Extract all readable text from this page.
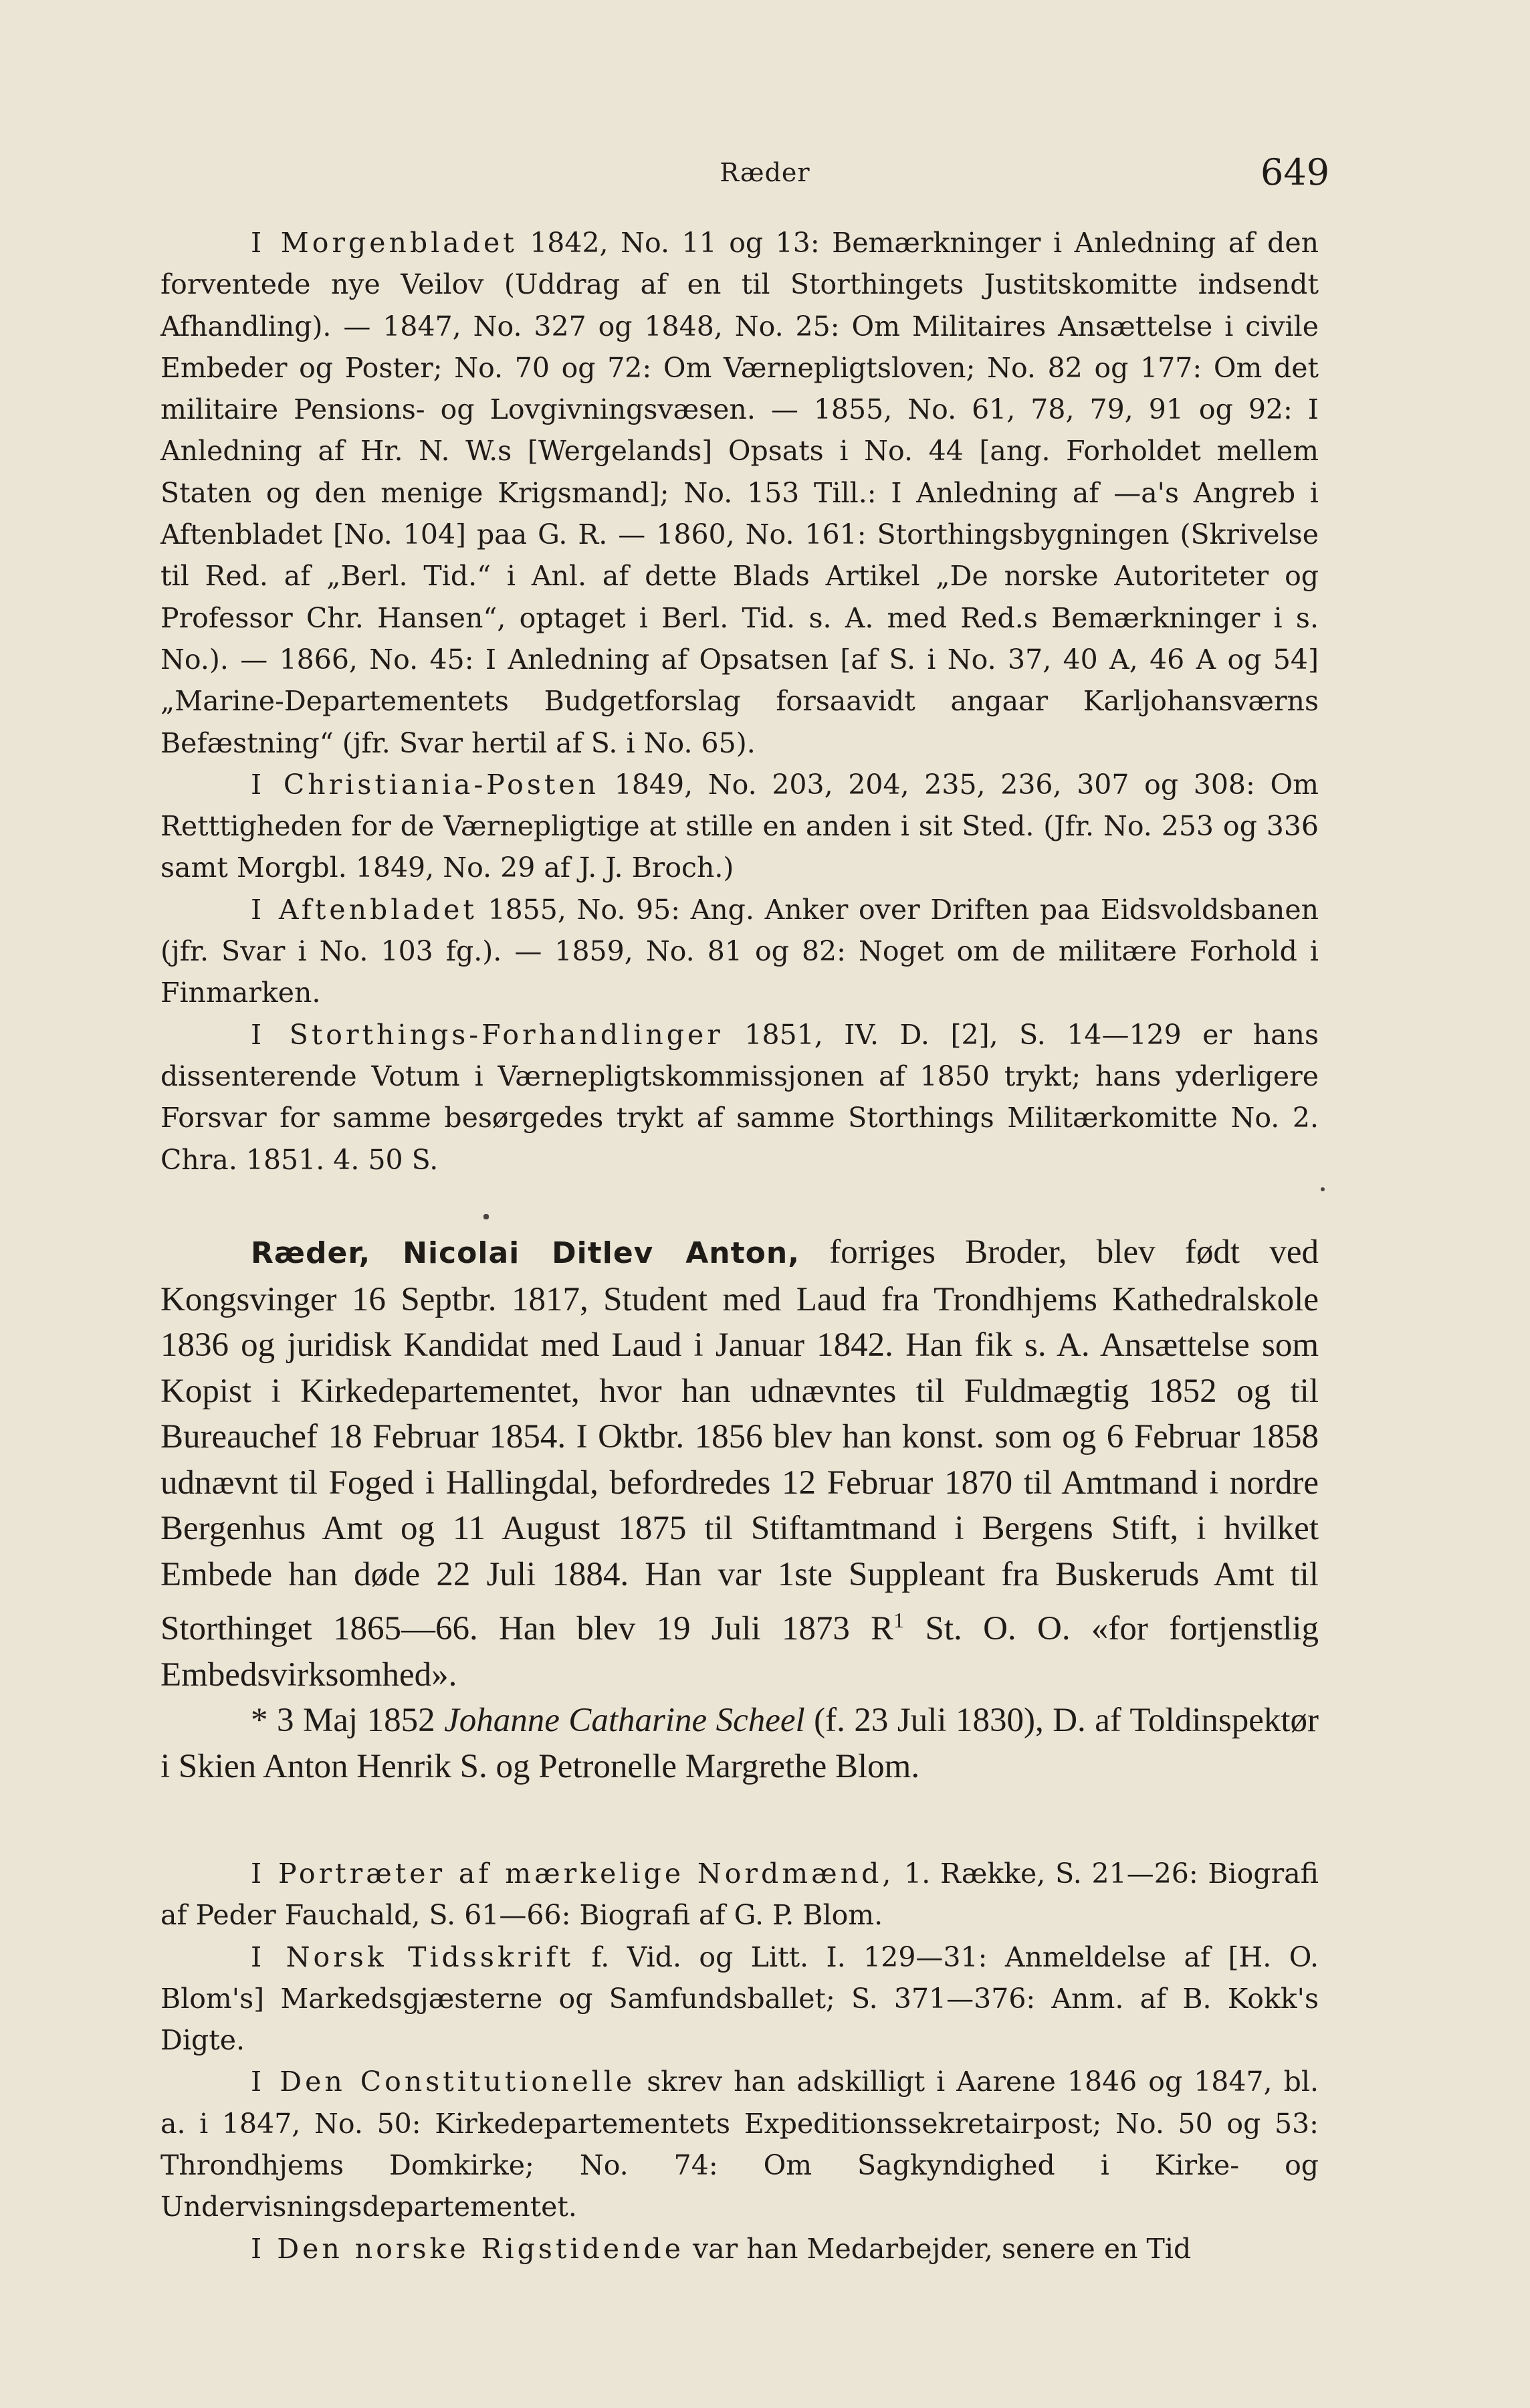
Ræder	649

I Morgenbladet 1842, No. 11 og 13: Bemærkninger i Anledning af den forventede nye Veilov (Uddrag af en til Storthingets Justitskomitte indsendt Afhandling). — 1847, No. 327 og 1848, No. 25: Om Militaires Ansættelse i civile Embeder og Poster; No. 70 og 72: Om Værnepligtsloven; No. 82 og 177: Om det militaire Pensions- og Lovgivningsvæsen. — 1855, No. 61, 78, 79, 91 og 92: I Anledning af Hr. N. W.s [Wergelands] Opsats i No. 44 [ang. Forholdet mellem Staten og den menige Krigsmand]; No. 153 Till.: I Anledning af —a's Angreb i Aftenbladet [No. 104] paa G. R. — 1860, No. 161: Storthingsbygningen (Skrivelse til Red. af „Berl. Tid.“ i Anl. af dette Blads Artikel „De norske Autoriteter og Professor Chr. Hansen“, optaget i Berl. Tid. s. A. med Red.s Bemærkninger i s. No.). — 1866, No. 45: I Anledning af Opsatsen [af S. i No. 37, 40 A, 46 A og 54] „Marine-Departementets Budgetforslag forsaavidt angaar Karljohansværns Befæstning“ (jfr. Svar hertil af S. i No. 65).

I Christiania-Posten 1849, No. 203, 204, 235, 236, 307 og 308: Om Retttigheden for de Værnepligtige at stille en anden i sit Sted. (Jfr. No. 253 og 336 samt Morgbl. 1849, No. 29 af J. J. Broch.)

I Aftenbladet 1855, No. 95: Ang. Anker over Driften paa Eidsvoldsbanen (jfr. Svar i No. 103 fg.). — 1859, No. 81 og 82: Noget om de militære Forhold i Finmarken.

I Storthings-Forhandlinger 1851, IV. D. [2], S. 14—129 er hans dissenterende Votum i Værnepligtskommissjonen af 1850 trykt; hans yderligere Forsvar for samme besørgedes trykt af samme Storthings Militærkomitte No. 2. Chra. 1851. 4. 50 S.

Ræder, Nicolai Ditlev Anton, forriges Broder, blev født ved Kongsvinger 16 Septbr. 1817, Student med Laud fra Trondhjems Kathedralskole 1836 og juridisk Kandidat med Laud i Januar 1842. Han fik s. A. Ansættelse som Kopist i Kirkedepartementet, hvor han udnævntes til Fuldmægtig 1852 og til Bureauchef 18 Februar 1854. I Oktbr. 1856 blev han konst. som og 6 Februar 1858 udnævnt til Foged i Hallingdal, befordredes 12 Februar 1870 til Amtmand i nordre Bergenhus Amt og 11 August 1875 til Stiftamtmand i Bergens Stift, i hvilket Embede han døde 22 Juli 1884. Han var 1ste Suppleant fra Buskeruds Amt til Storthinget 1865—66. Han blev 19 Juli 1873 $R^1$ St. O. O. «for fortjenstlig Embedsvirksomhed».

* 3 Maj 1852 Johanne Catharine Scheel (f. 23 Juli 1830), D. af Toldinspektør i Skien Anton Henrik S. og Petronelle Margrethe Blom.

I Portræter af mærkelige Nordmænd, 1. Række, S. 21—26: Biografi af Peder Fauchald, S. 61—66: Biografi af G. P. Blom.

I Norsk Tidsskrift f. Vid. og Litt. I. 129—31: Anmeldelse af [H. O. Blom's] Markedsgjæsterne og Samfundsballet; S. 371—376: Anm. af B. Kokk's Digte.

I Den Constitutionelle skrev han adskilligt i Aarene 1846 og 1847, bl. a. i 1847, No. 50: Kirkedepartementets Expeditionssekretairpost; No. 50 og 53: Throndhjems Domkirke; No. 74: Om Sagkyndighed i Kirke- og Undervisningsdepartementet.

I Den norske Rigstidende var han Medarbejder, senere en Tid
